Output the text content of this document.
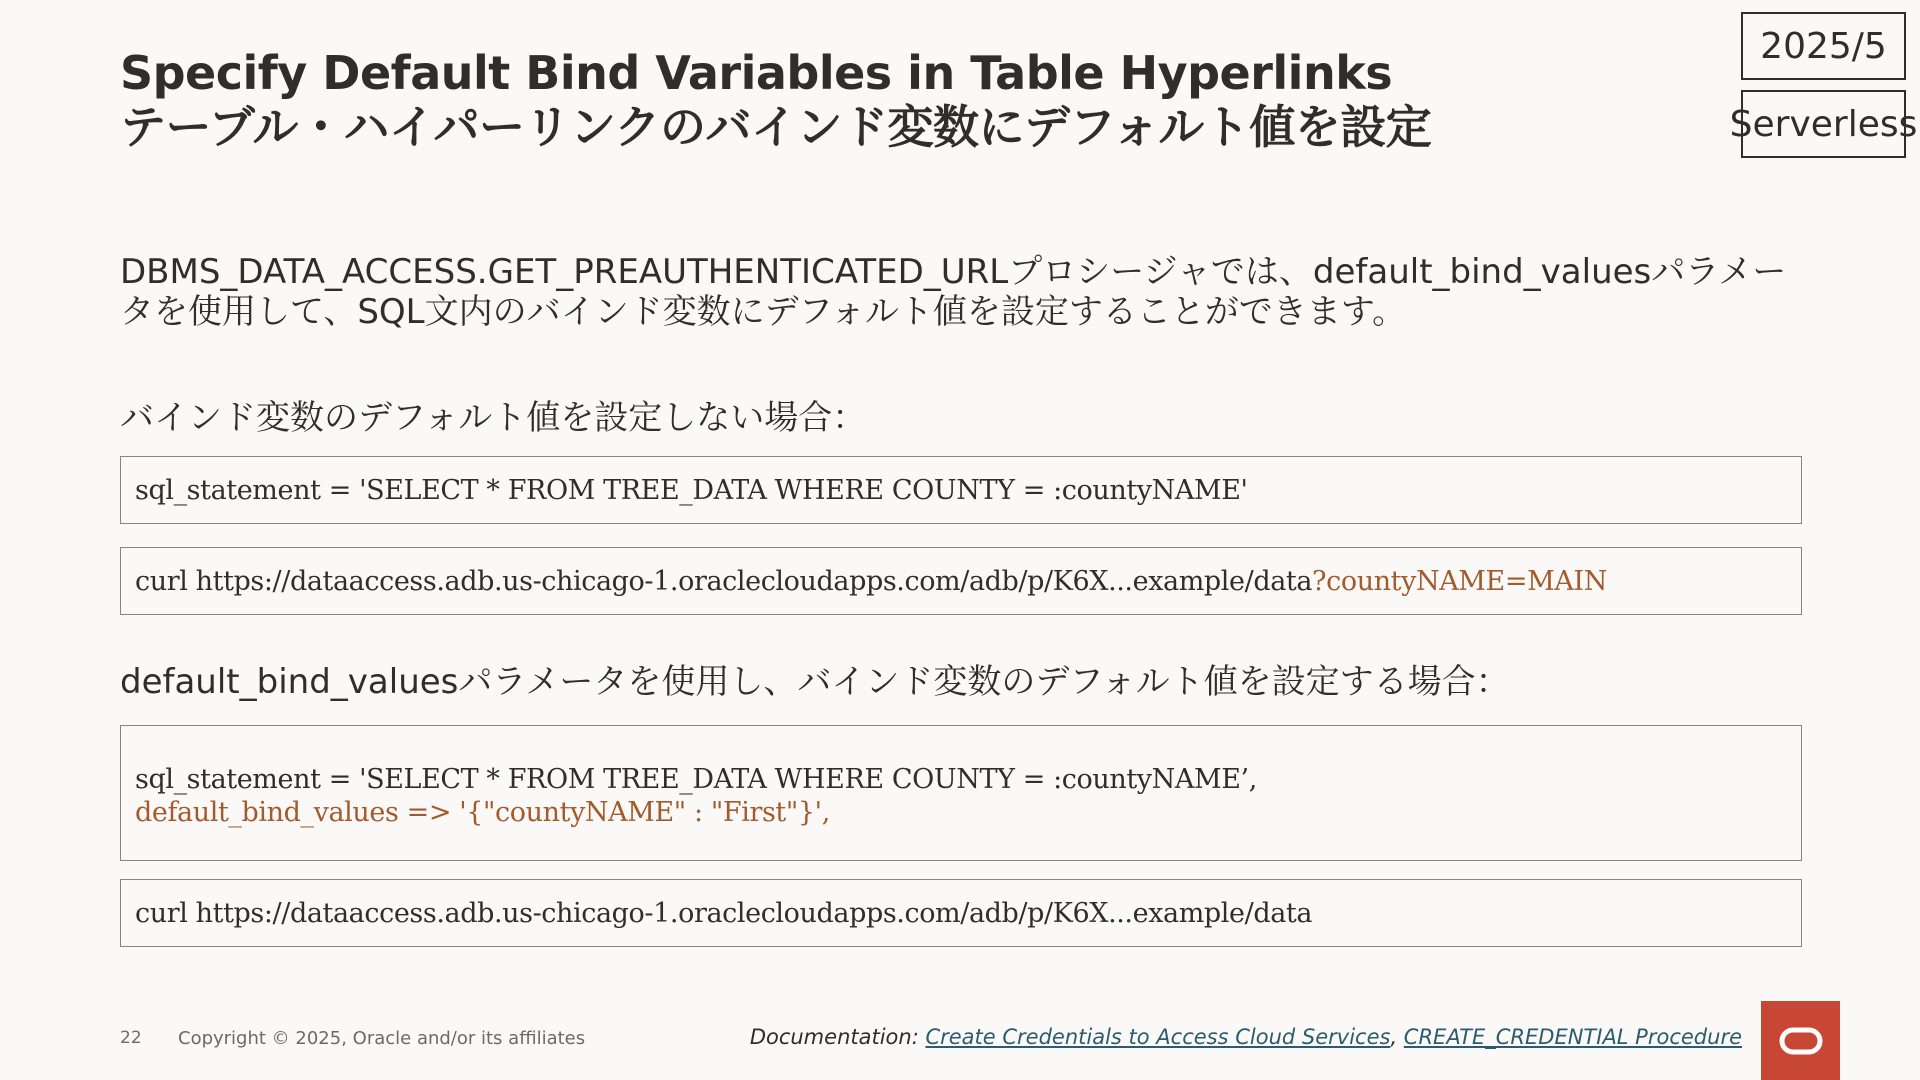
Specify Default Bind Variables in Table Hyperlinks
テーブル・ハイパーリンクのバインド変数にデフォルト値を設定
2025/5
Serverless
DBMS_DATA_ACCESS.GET_PREAUTHENTICATED_URLプロシージャでは、default_bind_valuesパラメータを使用して、SQL文内のバインド変数にデフォルト値を設定することができます。
バインド変数のデフォルト値を設定しない場合：
sql_statement = 'SELECT * FROM TREE_DATA WHERE COUNTY = :countyNAME'
curl https://dataaccess.adb.us-chicago-1.oraclecloudapps.com/adb/p/K6X...example/data?countyNAME=MAIN
default_bind_valuesパラメータを使用し、バインド変数のデフォルト値を設定する場合：
sql_statement = 'SELECT * FROM TREE_DATA WHERE COUNTY = :countyNAME’,
default_bind_values => '{"countyNAME" : "First"}',
curl https://dataaccess.adb.us-chicago-1.oraclecloudapps.com/adb/p/K6X...example/data
22 Copyright © 2025, Oracle and/or its affiliates	Documentation: Create Credentials to Access Cloud Services, CREATE_CREDENTIAL Procedure
